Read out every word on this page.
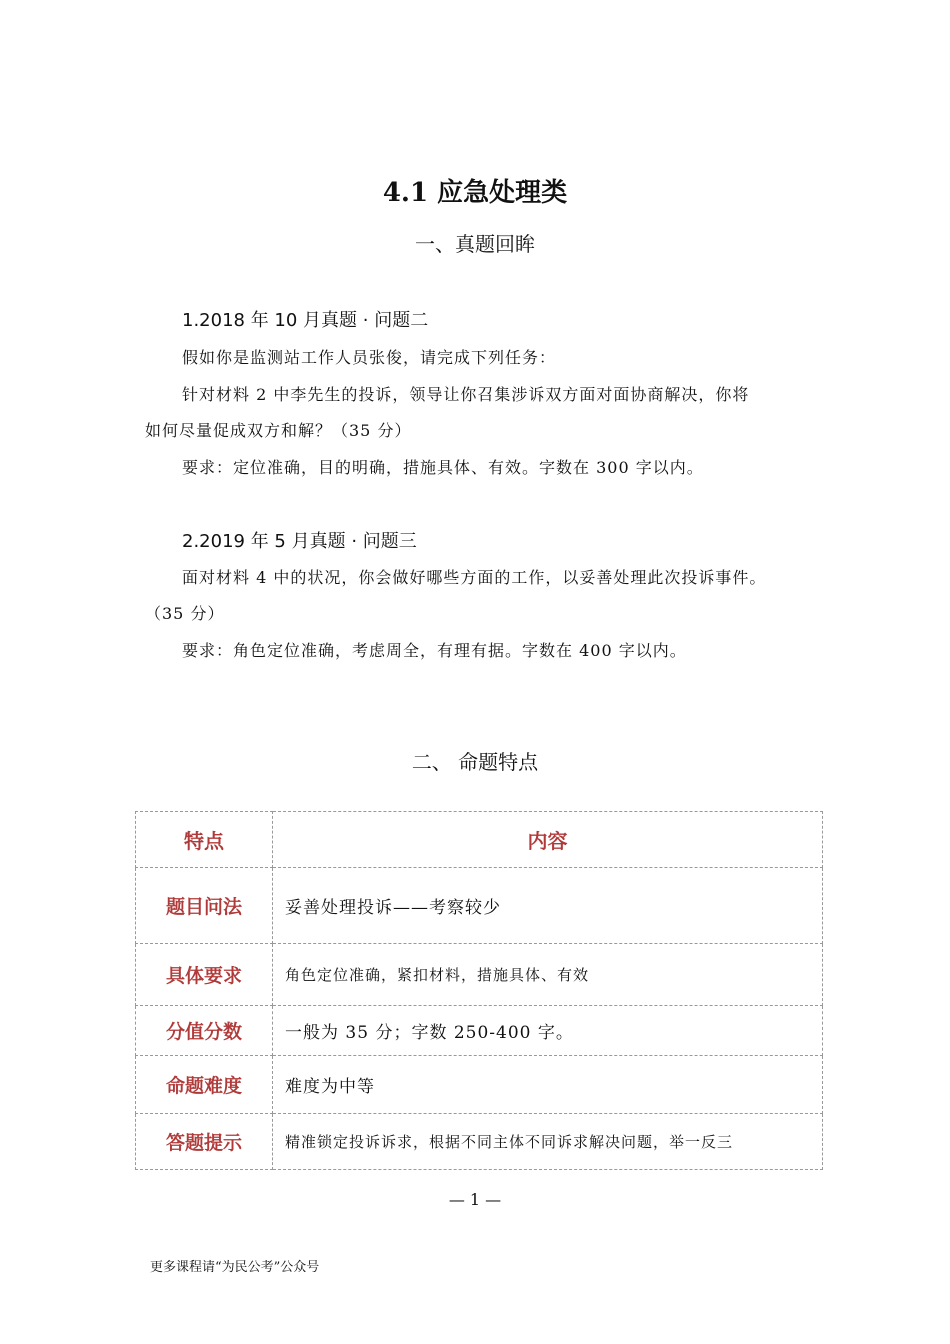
4.1 应急处理类
一、真题回眸
1.2018 年 10 月真题 · 问题二
假如你是监测站工作人员张俊，请完成下列任务：
针对材料 2 中李先生的投诉，领导让你召集涉诉双方面对面协商解决，你将
如何尽量促成双方和解？（35 分）
要求：定位准确，目的明确，措施具体、有效。字数在 300 字以内。
2.2019 年 5 月真题 · 问题三
面对材料 4 中的状况，你会做好哪些方面的工作，以妥善处理此次投诉事件。
（35 分）
要求：角色定位准确，考虑周全，有理有据。字数在 400 字以内。
二、 命题特点
特点	内容
题目问法	妥善处理投诉——考察较少
具体要求	角色定位准确，紧扣材料，措施具体、有效
分值分数	一般为 35 分；字数 250-400 字。
命题难度	难度为中等
答题提示	精准锁定投诉诉求，根据不同主体不同诉求解决问题，举一反三
— 1 —
更多课程请“为民公考”公众号
